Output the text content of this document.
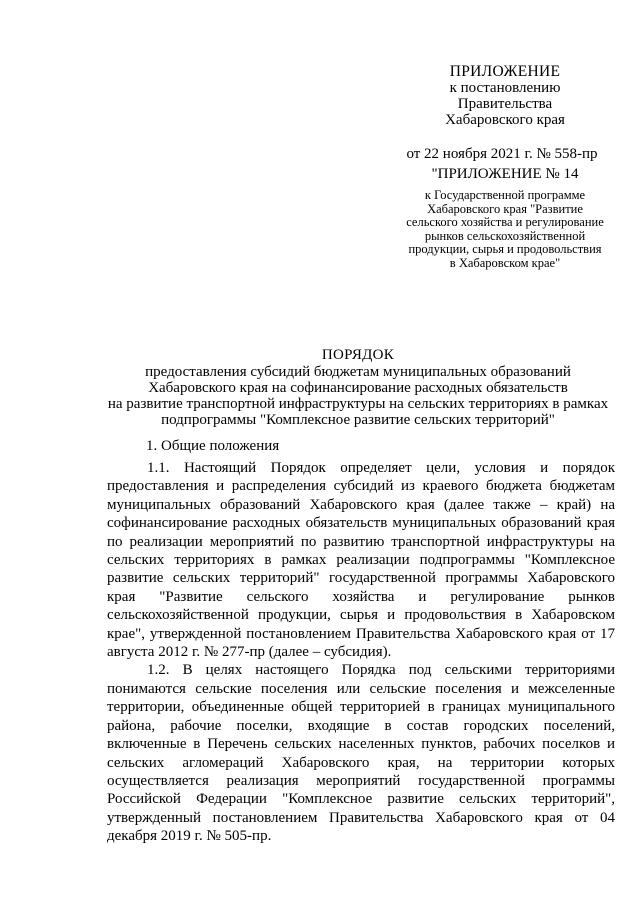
ПРИЛОЖЕНИЕ
к постановлению
Правительства
Хабаровского края
от 22 ноября 2021 г. № 558-пр
"ПРИЛОЖЕНИЕ № 14
к Государственной программе
Хабаровского края "Развитие
сельского хозяйства и регулирование
рынков сельскохозяйственной
продукции, сырья и продовольствия
в Хабаровском крае"
ПОРЯДОК
предоставления субсидий бюджетам муниципальных образований
Хабаровского края на софинансирование расходных обязательств
на развитие транспортной инфраструктуры на сельских территориях в рамках
подпрограммы "Комплексное развитие сельских территорий"
1. Общие положения

1.1. Настоящий Порядок определяет цели, условия и порядок предоставления и распределения субсидий из краевого бюджета бюджетам муниципальных образований Хабаровского края (далее также – край) на софинансирование расходных обязательств муниципальных образований края по реализации мероприятий по развитию транспортной инфраструктуры на сельских территориях в рамках реализации подпрограммы "Комплексное развитие сельских территорий" государственной программы Хабаровского края "Развитие сельского хозяйства и регулирование рынков сельскохозяйственной продукции, сырья и продовольствия в Хабаровском крае", утвержденной постановлением Правительства Хабаровского края от 17 августа 2012 г. № 277-пр (далее – субсидия).

1.2. В целях настоящего Порядка под сельскими территориями понимаются сельские поселения или сельские поселения и межселенные территории, объединенные общей территорией в границах муниципального района, рабочие поселки, входящие в состав городских поселений, включенные в Перечень сельских населенных пунктов, рабочих поселков и сельских агломераций Хабаровского края, на территории которых осуществляется реализация мероприятий государственной программы Российской Федерации "Комплексное развитие сельских территорий", утвержденный постановлением Правительства Хабаровского края от 04 декабря 2019 г. № 505-пр.
